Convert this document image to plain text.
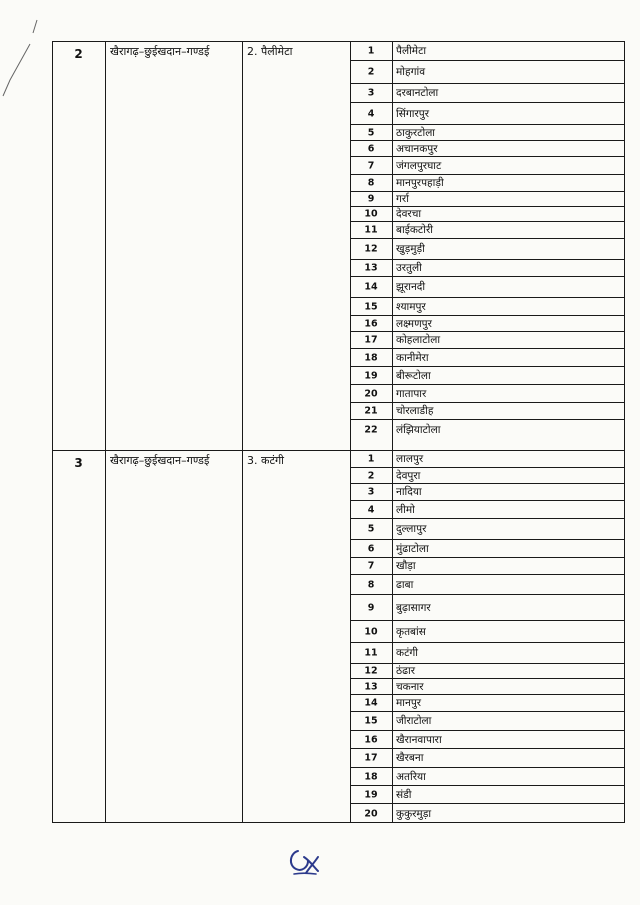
2	खैरागढ़–छुईखदान–गण्डई	2. पैलीमेटा	1	पैलीमेटा
2	मोहगांव
3	दरबानटोला
4	सिंगारपुर
5	ठाकुरटोला
6	अचानकपुर
7	जंगलपुरघाट
8	मानपुरपहाड़ी
9	गर्रा
10	देवरचा
11	बाईकटोरी
12	खुड़मुड़ी
13	उरतुली
14	झूरानदी
15	श्यामपुर
16	लक्ष्मणपुर
17	कोहलाटोला
18	कानीमेरा
19	बीरूटोला
20	गातापार
21	चोरलाडीह
22	लंझियाटोला
3	खैरागढ़–छुईखदान–गण्डई	3. कटंगी	1	लालपुर
2	देवपुरा
3	नादिया
4	लीमो
5	दुल्लापुर
6	मुंढाटोला
7	खौड़ा
8	ढाबा
9	बुढ़ासागर
10	कृतबांस
11	कटंगी
12	ठंढार
13	चकनार
14	मानपुर
15	जीराटोला
16	खैरानवापारा
17	खैरबना
18	अतरिया
19	संडी
20	कुकुरमुड़ा
